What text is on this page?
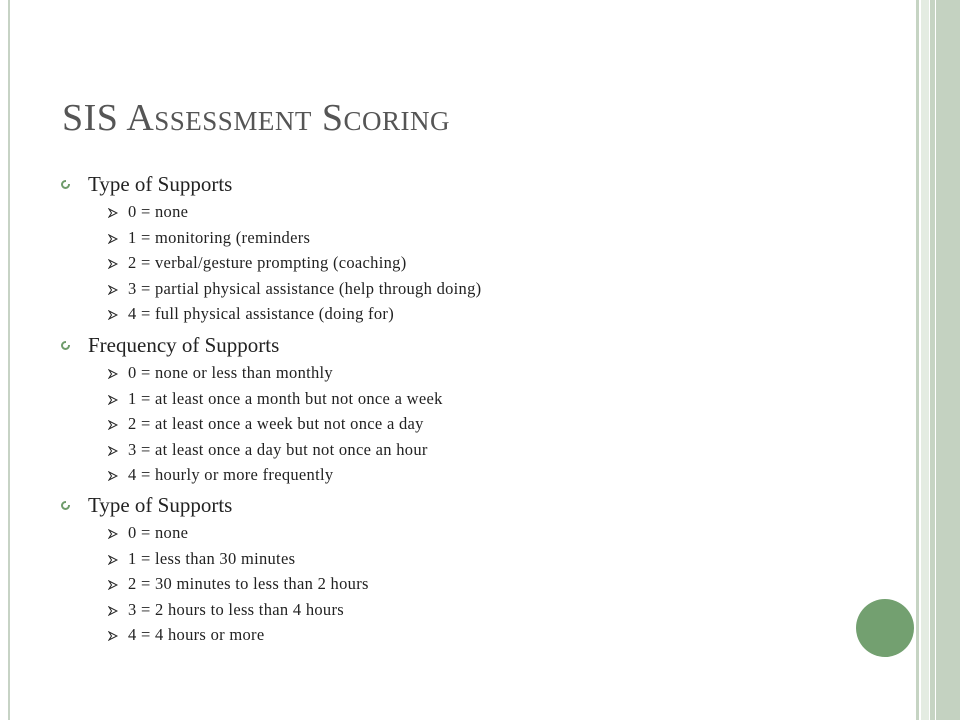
SIS Assessment Scoring
Type of Supports
0 = none
1 = monitoring (reminders
2 = verbal/gesture prompting (coaching)
3 = partial physical assistance (help through doing)
4 = full physical assistance (doing for)
Frequency of Supports
0 = none or less than monthly
1 = at least once a month but not once a week
2 = at least once a week but not once a day
3 = at least once a day but not once an hour
4 = hourly or more frequently
Type of Supports
0 = none
1 = less than 30 minutes
2 = 30 minutes to less than 2 hours
3 = 2 hours to less than 4 hours
4 = 4 hours or more
